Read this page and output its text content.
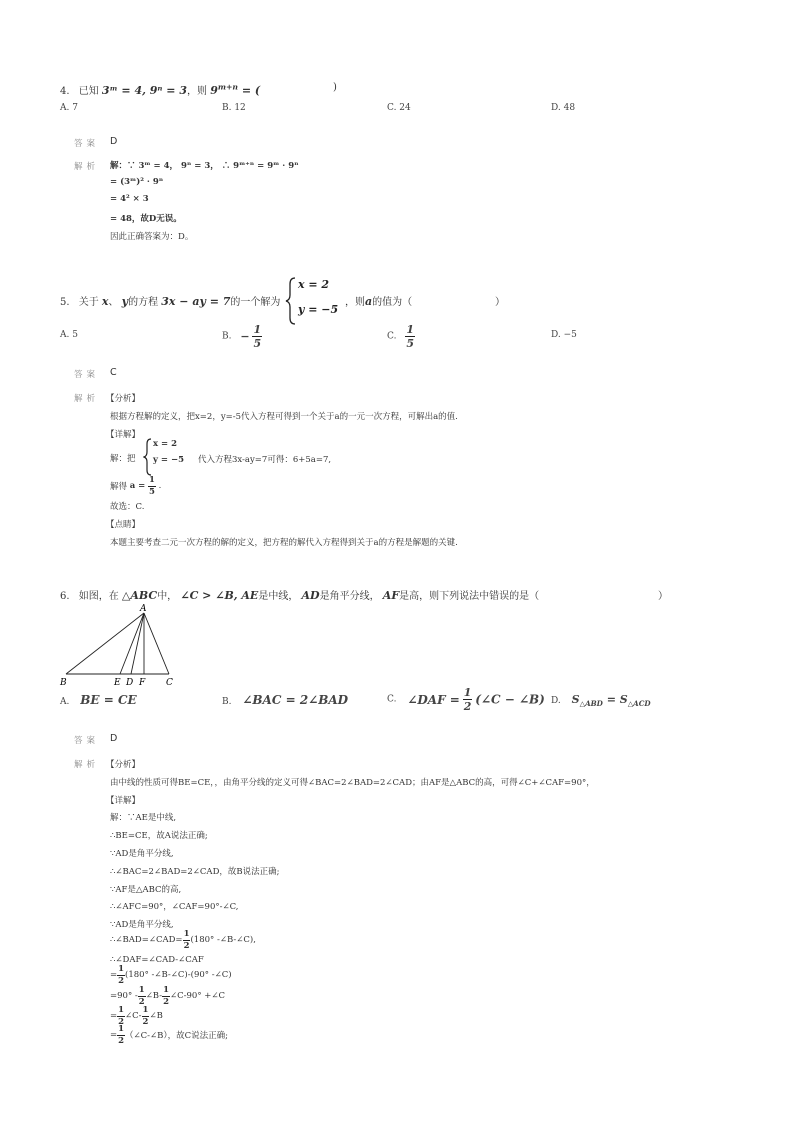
4. 已知 3ᵐ = 4, 9ⁿ = 3，则 $9^{m+n}$ = (	)
A. 7	B. 12	C. 24	D. 48
答案 D
解析 解：∵ 3ᵐ = 4， 9ⁿ = 3， ∴ 9ᵐ⁺ⁿ = 9ᵐ · 9ⁿ
= (3ᵐ)² · 9ⁿ
= 4² × 3
= 48，故D无误。
因此正确答案为：D。
5. 关于 x、 y的方程 3x − ay = 7的一个解为
x = 2
y = −5
，则a的值为（	）
A. 5	B. − $\frac{1}{5}$	C. $\frac{1}{5}$	D. −5
答案 C
解析 【分析】
根据方程解的定义，把x=2，y=-5代入方程可得到一个关于a的一元一次方程，可解出a的值.
【详解】
解：把
x = 2
y = −5 代入方程3x-ay=7可得：6+5a=7,
解得 $a = \frac{1}{5}$ .
故选：C.
【点睛】
本题主要考查二元一次方程的解的定义，把方程的解代入方程得到关于a的方程是解题的关键.
6. 如图，在 △ABC中， ∠C > ∠B, AE是中线， AD是角平分线， AF是高，则下列说法中错误的是（	）
A
B	E D F C
A. BE = CE	B. ∠BAC = 2∠BAD	C. ∠DAF = $\frac{1}{2}$ (∠C − ∠B) D. $S_{\triangle ABD} = S_{\triangle ACD}$
答案 D
解析 【分析】
由中线的性质可得BE=CE，，由角平分线的定义可得∠BAC=2∠BAD=2∠CAD；由AF是△ABC的高，可得∠C+∠CAF=90°，
【详解】
解：∵AE是中线,
∴BE=CE，故A说法正确;
∵AD是角平分线,
∴∠BAC=2∠BAD=2∠CAD，故B说法正确;
∵AF是△ABC的高,
∴∠AFC=90°，∠CAF=90°-∠C,
∵AD是角平分线,
∴∠BAD=∠CAD= $\frac{1}{2} (180^\circ$ -∠B-∠C),
∴∠DAF=∠CAD-∠CAF
= $\frac{1}{2} (180^\circ$ -∠B-∠C)-(90° -∠C)
$=90^\circ - \frac{1}{2}$ ∠B- $\frac{1}{2}$ ∠C-90° +∠C
= $\frac{1}{2}$ ∠C- $\frac{1}{2}$ ∠B
= $\frac{1}{2}$ （∠C-∠B），故C说法正确;
